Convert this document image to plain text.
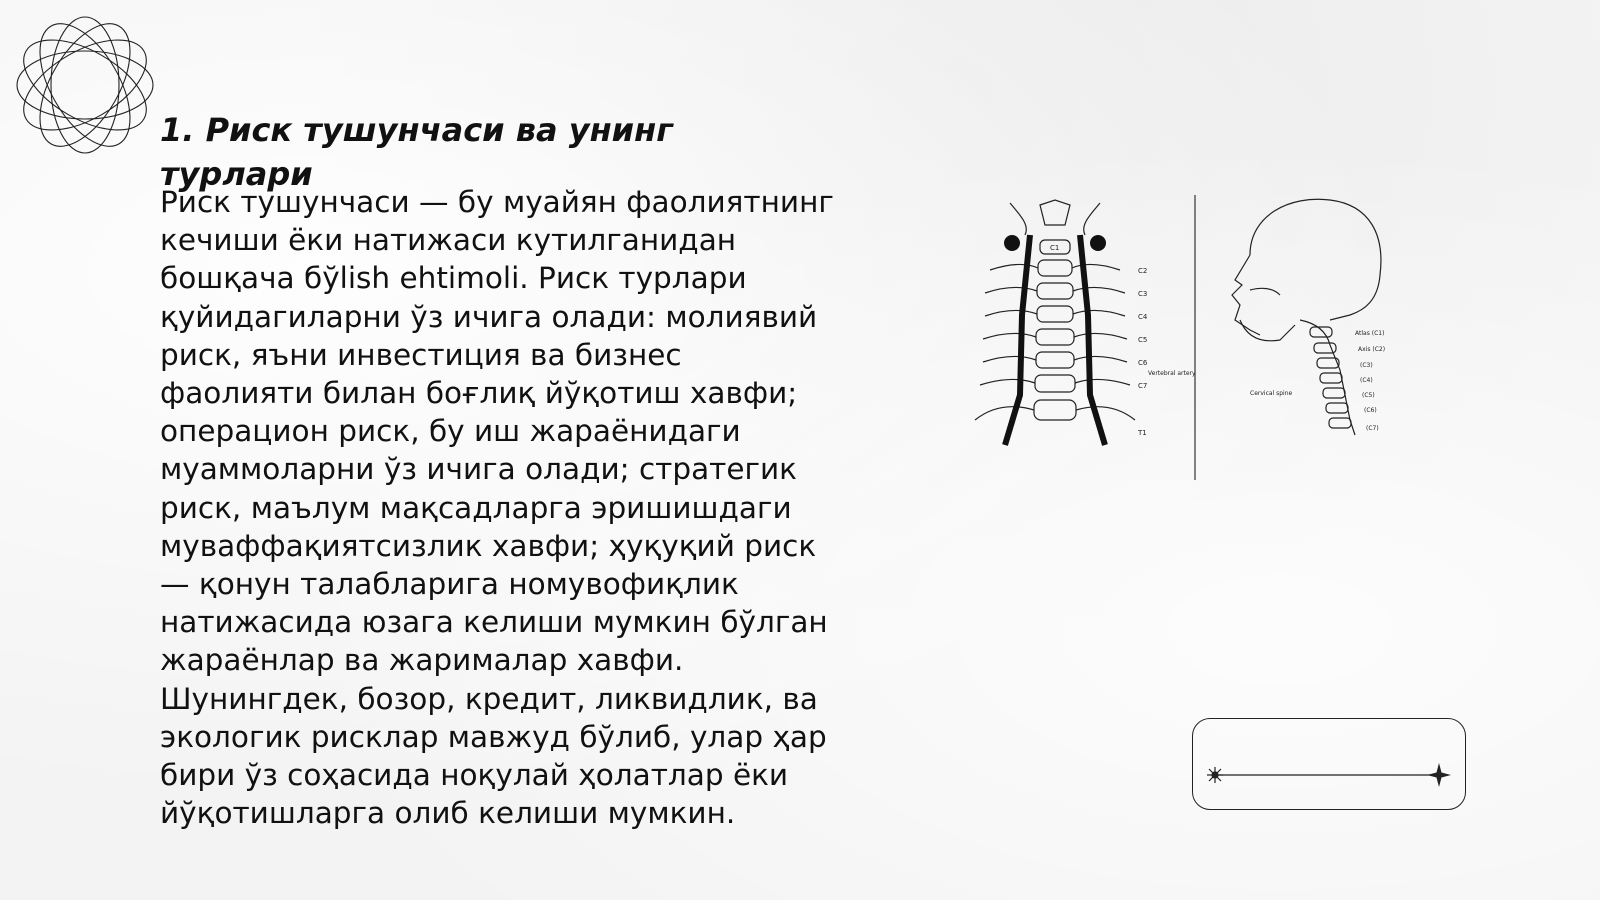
1. Риск тушунчаси ва унинг турлари
Риск тушунчаси — бу муайян фаолиятнинг
кечиши ёки натижаси кутилганидан
бошқача бўlish ehtimoli. Риск турлари
қуйидагиларни ўз ичига олади: молиявий
риск, яъни инвестиция ва бизнес
фаолияти билан боғлиқ йўқотиш хавфи;
операцион риск, бу иш жараёнидаги
муаммоларни ўз ичига олади; стратегик
риск, маълум мақсадларга эришишдаги
муваффақиятсизлик хавфи; ҳуқуқий риск
— қонун талабларига номувофиқлик
натижасида юзага келиши мумкин бўлган
жараёнлар ва жарималар хавфи.
Шунингдек, бозор, кредит, ликвидлик, ва
экологик рисклар мавжуд бўлиб, улар ҳар
бири ўз соҳасида ноқулай ҳолатлар ёки
йўқотишларга олиб келиши мумкин.
C1
C2
C3
C4
C5
C6
C7
T1
Vertebral artery
Atlas (C1)
Axis (C2)
(C3)
(C4)
(C5)
(C6)
(C7)
Cervical spine
